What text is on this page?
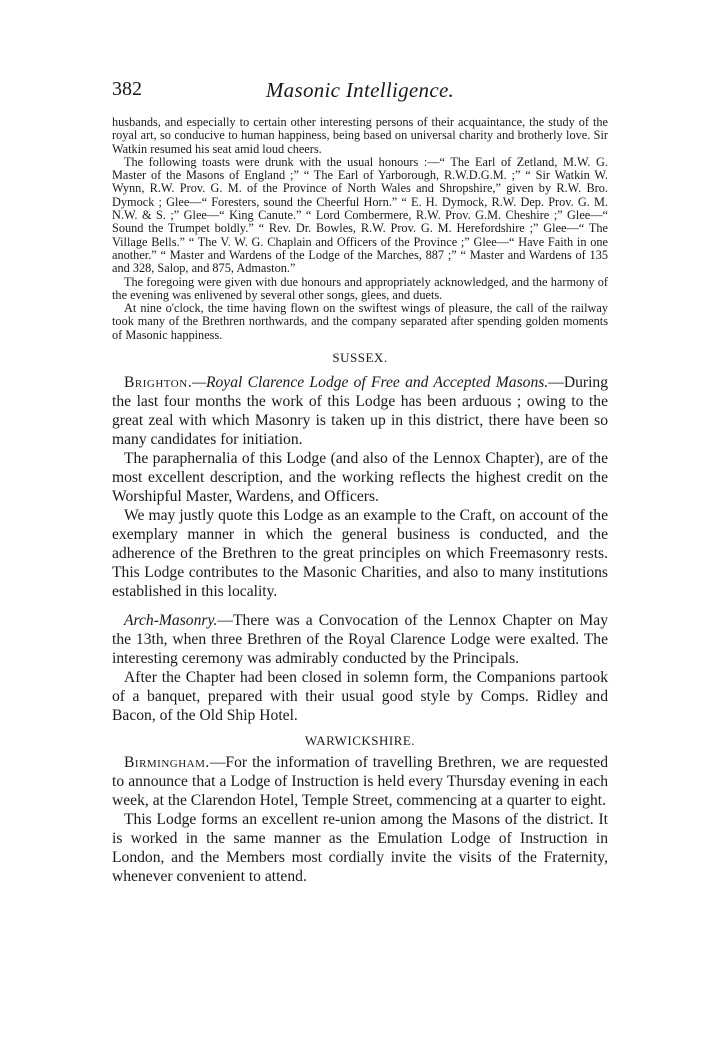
382	Masonic Intelligence.

husbands, and especially to certain other interesting persons of their acquaintance, the study of the royal art, so conducive to human happiness, being based on universal charity and brotherly love. Sir Watkin resumed his seat amid loud cheers.

The following toasts were drunk with the usual honours :—“ The Earl of Zetland, M.W. G. Master of the Masons of England ;” “ The Earl of Yarborough, R.W.D.G.M. ;” “ Sir Watkin W. Wynn, R.W. Prov. G. M. of the Province of North Wales and Shropshire,” given by R.W. Bro. Dymock ; Glee—“ Foresters, sound the Cheerful Horn.” “ E. H. Dymock, R.W. Dep. Prov. G. M. N.W. & S. ;” Glee—“ King Canute.” “ Lord Combermere, R.W. Prov. G.M. Cheshire ;” Glee—“ Sound the Trumpet boldly.” “ Rev. Dr. Bowles, R.W. Prov. G. M. Herefordshire ;” Glee—“ The Village Bells.” “ The V. W. G. Chaplain and Officers of the Province ;” Glee—“ Have Faith in one another.” “ Master and Wardens of the Lodge of the Marches, 887 ;” “ Master and Wardens of 135 and 328, Salop, and 875, Admaston.”

The foregoing were given with due honours and appropriately acknowledged, and the harmony of the evening was enlivened by several other songs, glees, and duets.

At nine o'clock, the time having flown on the swiftest wings of pleasure, the call of the railway took many of the Brethren northwards, and the company separated after spending golden moments of Masonic happiness.

SUSSEX.

Brighton.—Royal Clarence Lodge of Free and Accepted Masons.—During the last four months the work of this Lodge has been arduous ; owing to the great zeal with which Masonry is taken up in this district, there have been so many candidates for initiation.

The paraphernalia of this Lodge (and also of the Lennox Chapter), are of the most excellent description, and the working reflects the highest credit on the Worshipful Master, Wardens, and Officers.

We may justly quote this Lodge as an example to the Craft, on account of the exemplary manner in which the general business is conducted, and the adherence of the Brethren to the great principles on which Freemasonry rests. This Lodge contributes to the Masonic Charities, and also to many institutions established in this locality.

Arch-Masonry.—There was a Convocation of the Lennox Chapter on May the 13th, when three Brethren of the Royal Clarence Lodge were exalted. The interesting ceremony was admirably conducted by the Principals.

After the Chapter had been closed in solemn form, the Companions partook of a banquet, prepared with their usual good style by Comps. Ridley and Bacon, of the Old Ship Hotel.

WARWICKSHIRE.

Birmingham.—For the information of travelling Brethren, we are requested to announce that a Lodge of Instruction is held every Thursday evening in each week, at the Clarendon Hotel, Temple Street, commencing at a quarter to eight.

This Lodge forms an excellent re-union among the Masons of the district. It is worked in the same manner as the Emulation Lodge of Instruction in London, and the Members most cordially invite the visits of the Fraternity, whenever convenient to attend.
